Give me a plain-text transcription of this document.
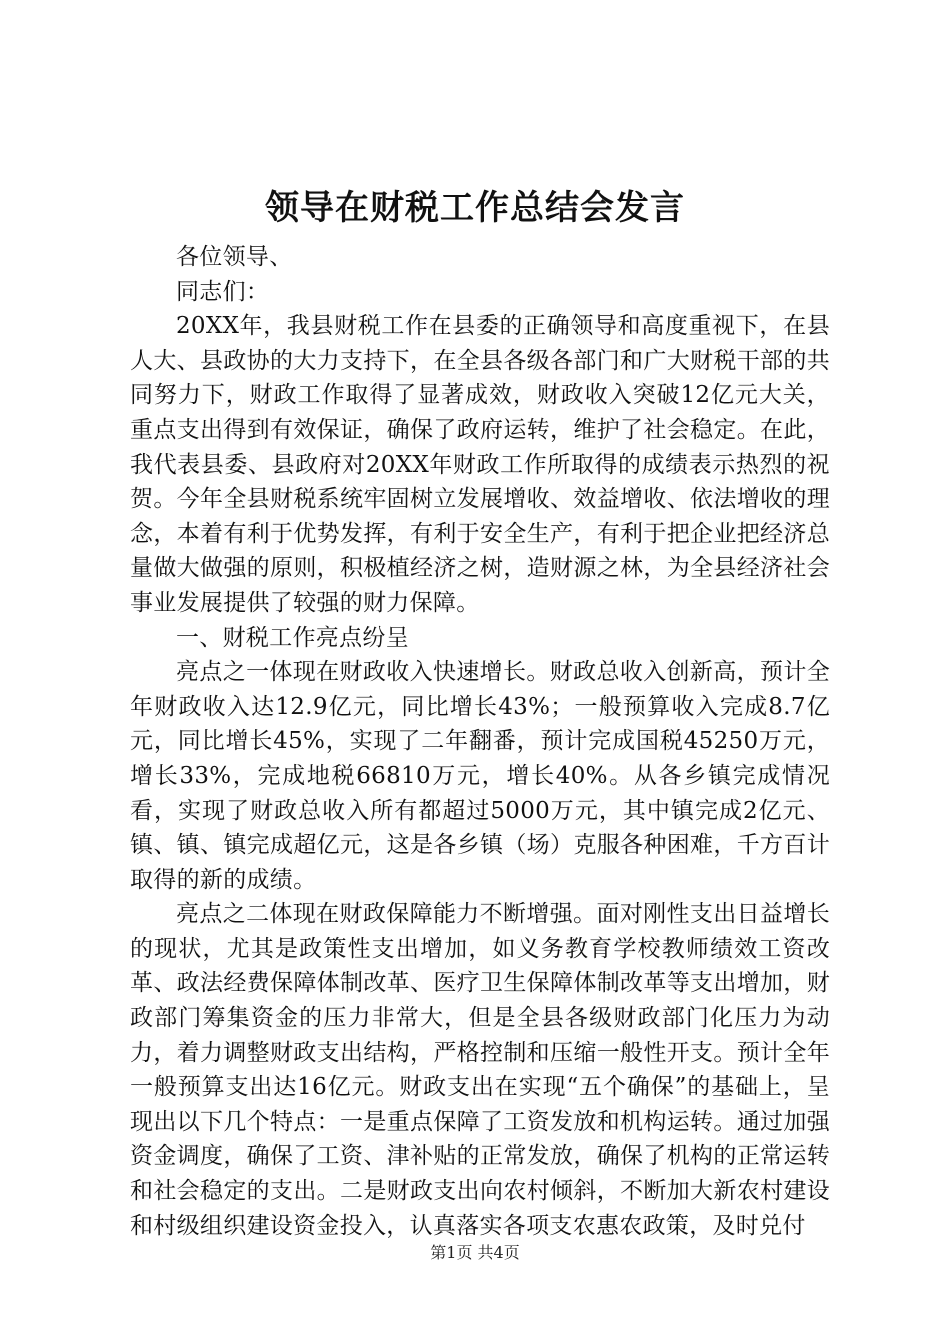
领导在财税工作总结会发言

各位领导、

同志们：

20XX年，我县财税工作在县委的正确领导和高度重视下，在县人大、县政协的大力支持下，在全县各级各部门和广大财税干部的共同努力下，财政工作取得了显著成效，财政收入突破12亿元大关，重点支出得到有效保证，确保了政府运转，维护了社会稳定。在此，我代表县委、县政府对20XX年财政工作所取得的成绩表示热烈的祝贺。今年全县财税系统牢固树立发展增收、效益增收、依法增收的理念，本着有利于优势发挥，有利于安全生产，有利于把企业把经济总量做大做强的原则，积极植经济之树，造财源之林，为全县经济社会事业发展提供了较强的财力保障。

一、财税工作亮点纷呈

亮点之一体现在财政收入快速增长。财政总收入创新高，预计全年财政收入达12.9亿元，同比增长43%；一般预算收入完成8.7亿元，同比增长45%，实现了二年翻番，预计完成国税45250万元，增长33%，完成地税66810万元，增长40%。从各乡镇完成情况看，实现了财政总收入所有都超过5000万元，其中镇完成2亿元、镇、镇、镇完成超亿元，这是各乡镇（场）克服各种困难，千方百计取得的新的成绩。

亮点之二体现在财政保障能力不断增强。面对刚性支出日益增长的现状，尤其是政策性支出增加，如义务教育学校教师绩效工资改革、政法经费保障体制改革、医疗卫生保障体制改革等支出增加，财政部门筹集资金的压力非常大，但是全县各级财政部门化压力为动力，着力调整财政支出结构，严格控制和压缩一般性开支。预计全年一般预算支出达16亿元。财政支出在实现“五个确保”的基础上，呈现出以下几个特点：一是重点保障了工资发放和机构运转。通过加强资金调度，确保了工资、津补贴的正常发放，确保了机构的正常运转和社会稳定的支出。二是财政支出向农村倾斜，不断加大新农村建设和村级组织建设资金投入，认真落实各项支农惠农政策，及时兑付

第1页 共4页
